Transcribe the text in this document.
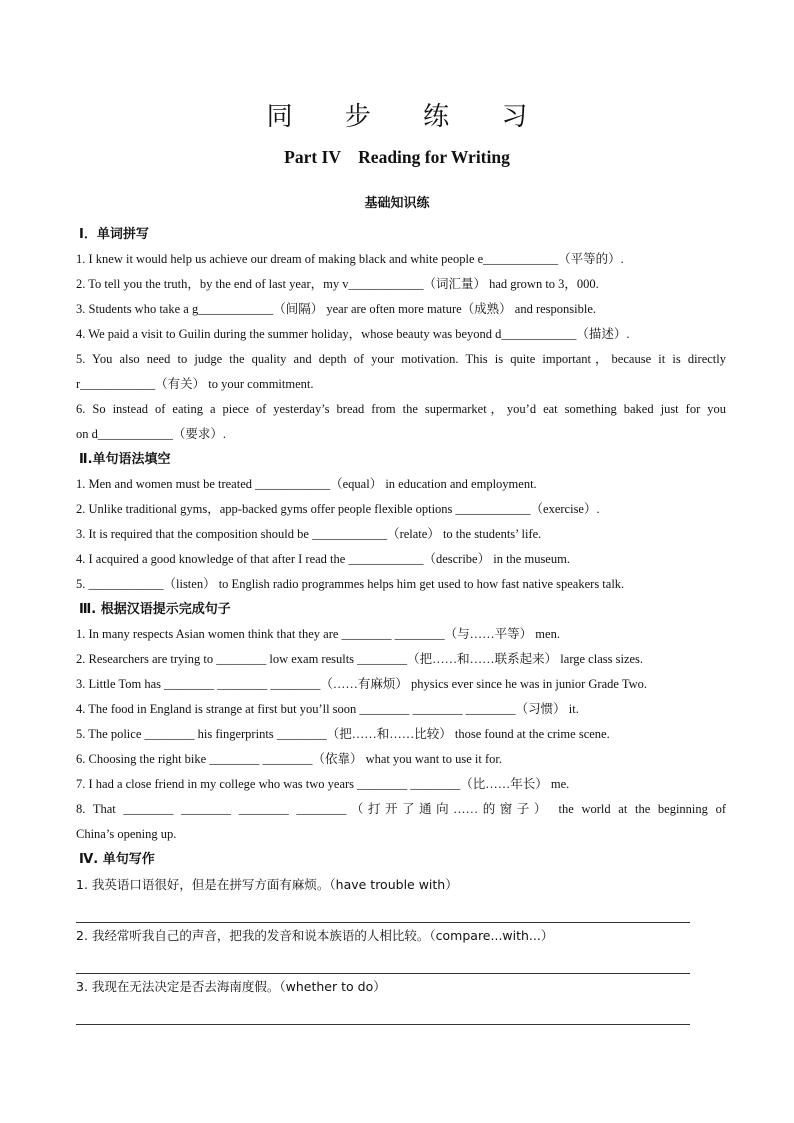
同 步 练 习
Part IV    Reading for Writing
基础知识练
Ⅰ．单词拼写
1. I knew it would help us achieve our dream of making black and white people e____________（平等的）.
2. To tell you the truth，by the end of last year，my v____________（词汇量） had grown to 3，000.
3. Students who take a g____________（间隔） year are often more mature（成熟） and responsible.
4. We paid a visit to Guilin during the summer holiday，whose beauty was beyond d____________（描述）.
5. You also need to judge the quality and depth of your motivation. This is quite important，because it is directly
r____________（有关） to your commitment.
6. So instead of eating a piece of yesterday’s bread from the supermarket，you’d eat something baked just for you
on d____________（要求）.
Ⅱ.单句语法填空
1. Men and women must be treated ____________（equal） in education and employment.
2. Unlike traditional gyms，app-backed gyms offer people flexible options ____________（exercise）.
3. It is required that the composition should be ____________（relate） to the students’ life.
4. I acquired a good knowledge of that after I read the ____________（describe） in the museum.
5. ____________（listen） to English radio programmes helps him get used to how fast native speakers talk.
Ⅲ. 根据汉语提示完成句子
1. In many respects Asian women think that they are ________ ________（与……平等） men.
2. Researchers are trying to ________ low exam results ________（把……和……联系起来） large class sizes.
3. Little Tom has ________ ________ ________（……有麻烦） physics ever since he was in junior Grade Two.
4. The food in England is strange at first but you’ll soon ________ ________ ________（习惯） it.
5. The police ________ his fingerprints ________（把……和……比较） those found at the crime scene.
6. Choosing the right bike ________ ________（依靠） what you want to use it for.
7. I had a close friend in my college who was two years ________ ________（比……年长） me.
8. That ________ ________ ________ ________（打开了通向……的窗子） the world at the beginning of
China’s opening up.
Ⅳ. 单句写作
1. 我英语口语很好，但是在拼写方面有麻烦。（have trouble with）
2. 我经常听我自己的声音，把我的发音和说本族语的人相比较。（compare...with...）
3. 我现在无法决定是否去海南度假。（whether to do）
